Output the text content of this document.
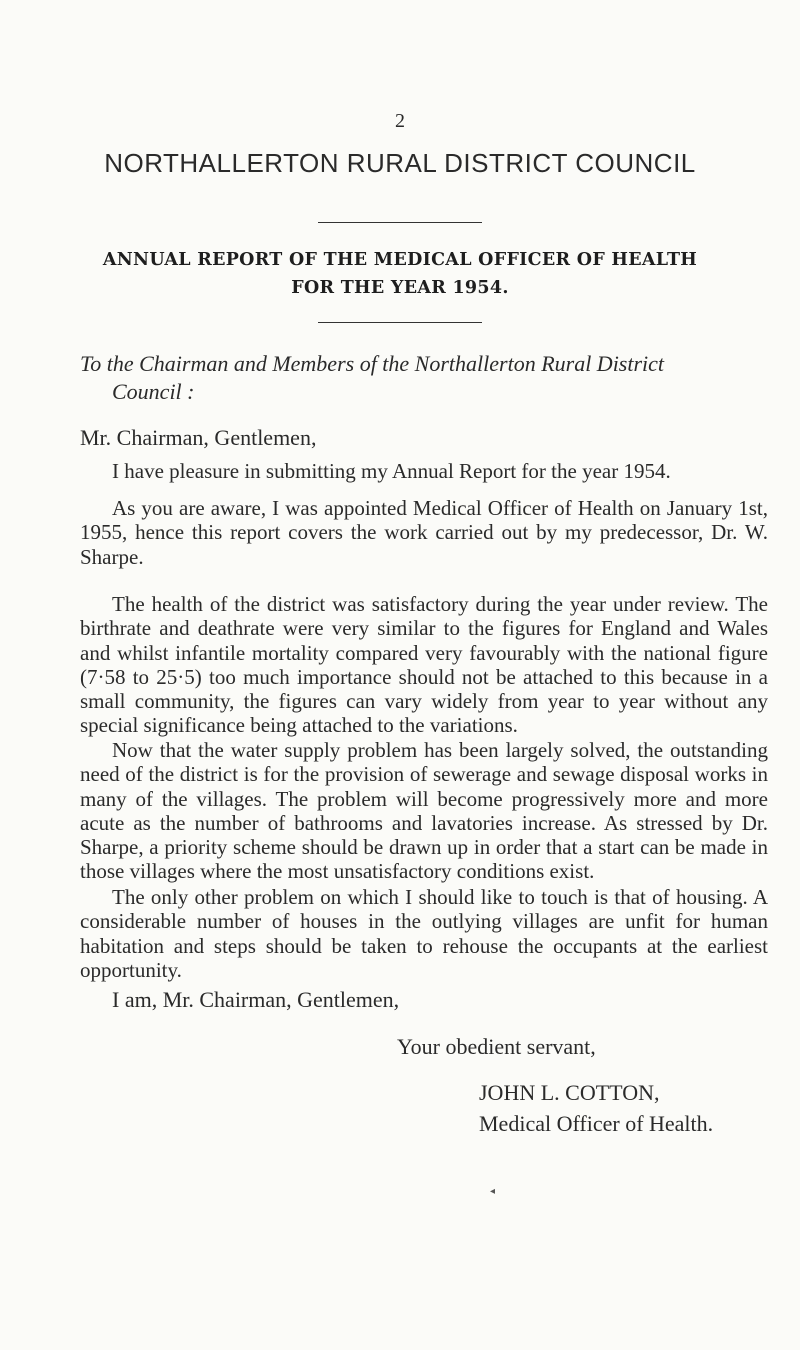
2
NORTHALLERTON RURAL DISTRICT COUNCIL
ANNUAL REPORT OF THE MEDICAL OFFICER OF HEALTH
FOR THE YEAR 1954.
To the Chairman and Members of the Northallerton Rural District
Council :
Mr. Chairman, Gentlemen,

I have pleasure in submitting my Annual Report for the year 1954.

As you are aware, I was appointed Medical Officer of Health on January 1st, 1955, hence this report covers the work carried out by my predecessor, Dr. W. Sharpe.

The health of the district was satisfactory during the year under review. The birthrate and deathrate were very similar to the figures for England and Wales and whilst infantile mortality compared very favourably with the national figure (7·58 to 25·5) too much importance should not be attached to this because in a small community, the figures can vary widely from year to year without any special significance being attached to the variations.

Now that the water supply problem has been largely solved, the outstanding need of the district is for the provision of sewerage and sewage disposal works in many of the villages. The problem will become progressively more and more acute as the number of bathrooms and lavatories increase. As stressed by Dr. Sharpe, a priority scheme should be drawn up in order that a start can be made in those villages where the most unsatisfactory conditions exist.

The only other problem on which I should like to touch is that of housing. A considerable number of houses in the outlying villages are unfit for human habitation and steps should be taken to rehouse the occupants at the earliest opportunity.

I am, Mr. Chairman, Gentlemen,
Your obedient servant,
JOHN L. COTTON,
Medical Officer of Health.
◂
